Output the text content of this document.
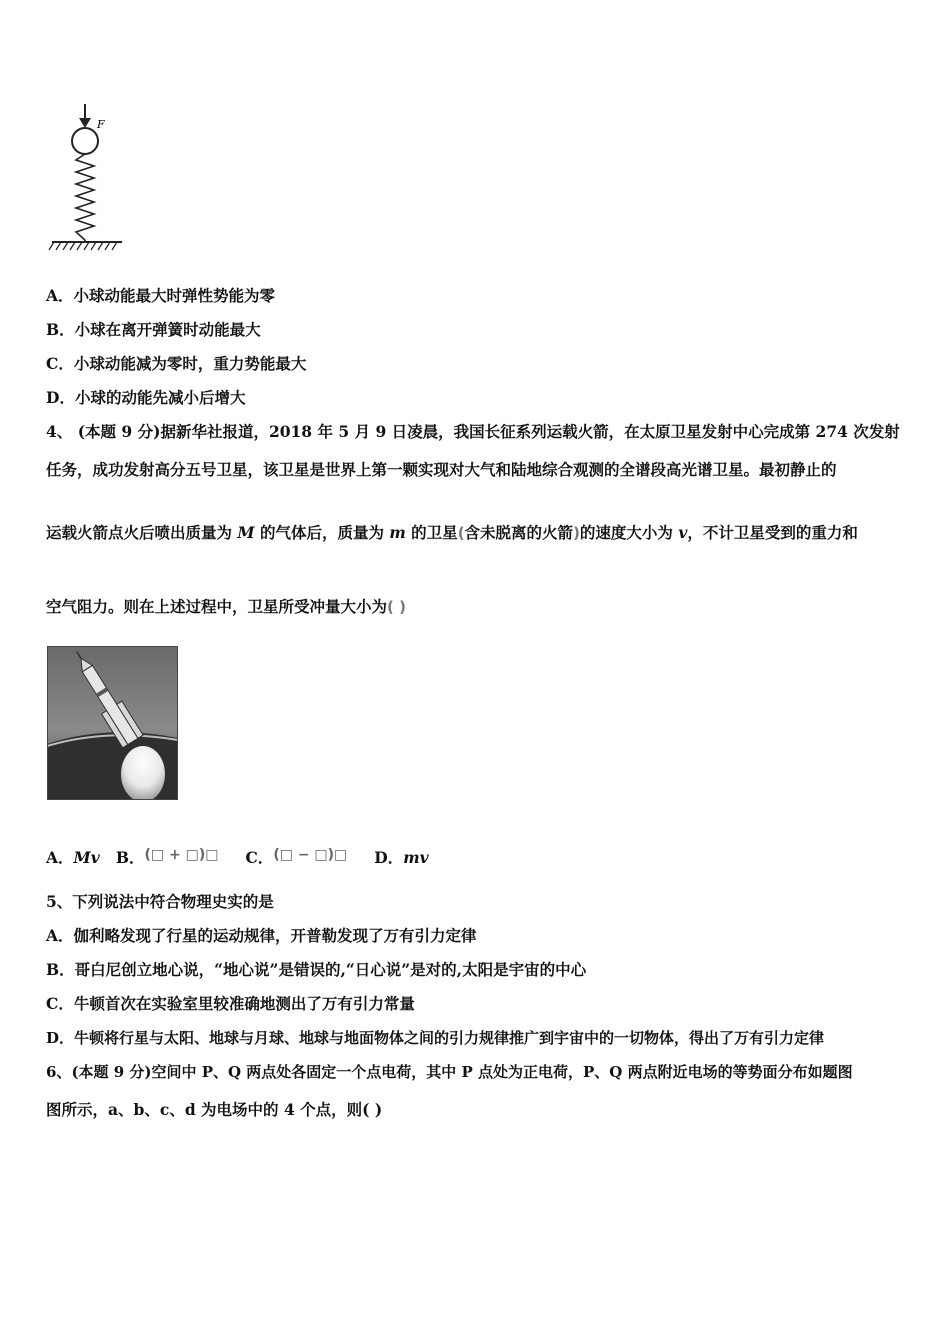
F
A．小球动能最大时弹性势能为零
B．小球在离开弹簧时动能最大
C．小球动能减为零时，重力势能最大
D．小球的动能先减小后增大
4、 (本题 9 分)据新华社报道，2018 年 5 月 9 日凌晨，我国长征系列运载火箭，在太原卫星发射中心完成第 274 次发射
任务，成功发射高分五号卫星，该卫星是世界上第一颗实现对大气和陆地综合观测的全谱段高光谱卫星。最初静止的
运载火箭点火后喷出质量为 M 的气体后，质量为 m 的卫星(含未脱离的火箭)的速度大小为 v，不计卫星受到的重力和
空气阻力。则在上述过程中，卫星所受冲量大小为( )
A．Mv B．(□ + □)□ C．(□ − □)□ D．mv
5、下列说法中符合物理史实的是
A．伽利略发现了行星的运动规律，开普勒发现了万有引力定律
B．哥白尼创立地心说，“地心说”是错误的,“日心说”是对的,太阳是宇宙的中心
C．牛顿首次在实验室里较准确地测出了万有引力常量
D．牛顿将行星与太阳、地球与月球、地球与地面物体之间的引力规律推广到宇宙中的一切物体，得出了万有引力定律
6、(本题 9 分)空间中 P、Q 两点处各固定一个点电荷，其中 P 点处为正电荷，P、Q 两点附近电场的等势面分布如题图
图所示，a、b、c、d 为电场中的 4 个点，则( )
